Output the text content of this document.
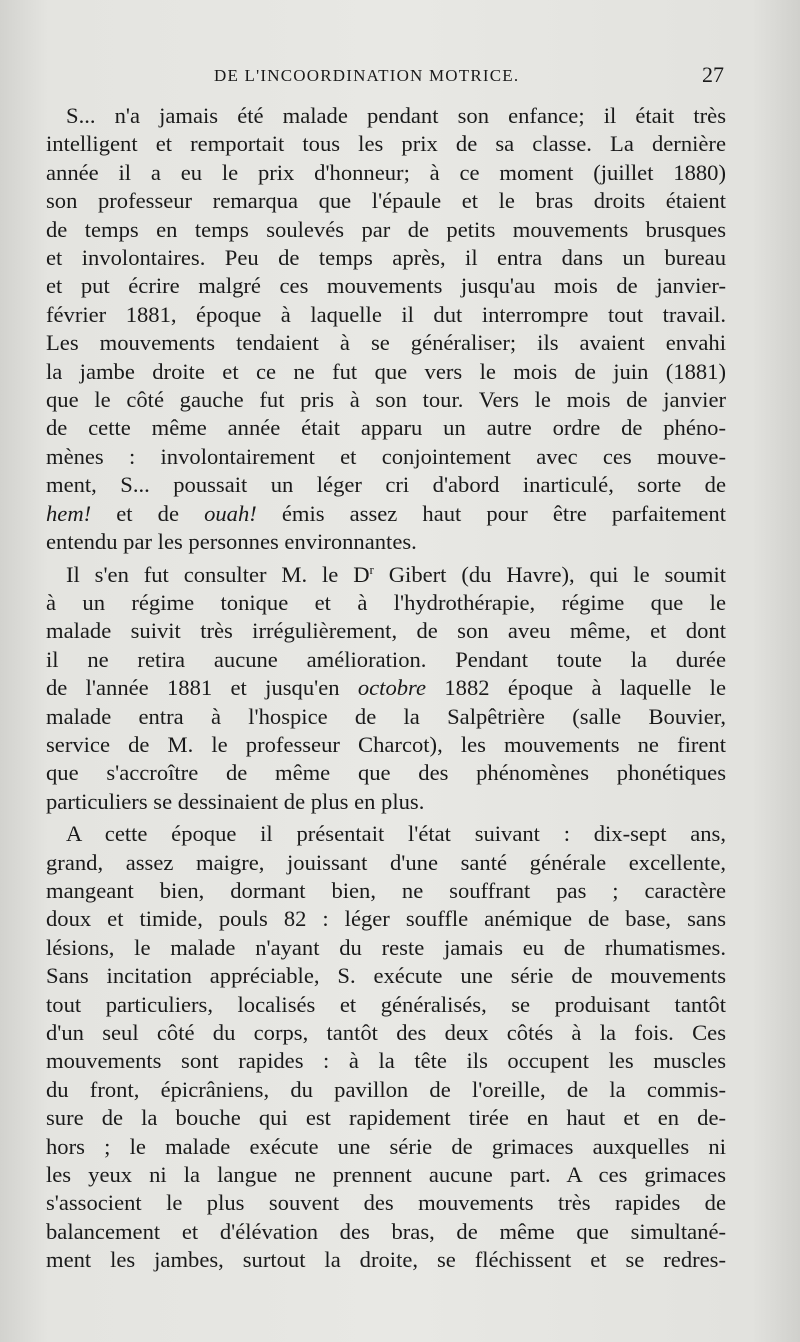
DE L'INCOORDINATION MOTRICE.	27
S... n'a jamais été malade pendant son enfance; il était très
intelligent et remportait tous les prix de sa classe. La dernière
année il a eu le prix d'honneur; à ce moment (juillet 1880)
son professeur remarqua que l'épaule et le bras droits étaient
de temps en temps soulevés par de petits mouvements brusques
et involontaires. Peu de temps après, il entra dans un bureau
et put écrire malgré ces mouvements jusqu'au mois de janvier-
février 1881, époque à laquelle il dut interrompre tout travail.
Les mouvements tendaient à se généraliser; ils avaient envahi
la jambe droite et ce ne fut que vers le mois de juin (1881)
que le côté gauche fut pris à son tour. Vers le mois de janvier
de cette même année était apparu un autre ordre de phéno-
mènes : involontairement et conjointement avec ces mouve-
ment, S... poussait un léger cri d'abord inarticulé, sorte de
hem! et de ouah! émis assez haut pour être parfaitement
entendu par les personnes environnantes.
Il s'en fut consulter M. le $D^r$ Gibert (du Havre), qui le soumit
à un régime tonique et à l'hydrothérapie, régime que le
malade suivit très irrégulièrement, de son aveu même, et dont
il ne retira aucune amélioration. Pendant toute la durée
de l'année 1881 et jusqu'en octobre 1882 époque à laquelle le
malade entra à l'hospice de la Salpêtrière (salle Bouvier,
service de M. le professeur Charcot), les mouvements ne firent
que s'accroître de même que des phénomènes phonétiques
particuliers se dessinaient de plus en plus.
A cette époque il présentait l'état suivant : dix-sept ans,
grand, assez maigre, jouissant d'une santé générale excellente,
mangeant bien, dormant bien, ne souffrant pas ; caractère
doux et timide, pouls 82 : léger souffle anémique de base, sans
lésions, le malade n'ayant du reste jamais eu de rhumatismes.
Sans incitation appréciable, S. exécute une série de mouvements
tout particuliers, localisés et généralisés, se produisant tantôt
d'un seul côté du corps, tantôt des deux côtés à la fois. Ces
mouvements sont rapides : à la tête ils occupent les muscles
du front, épicrâniens, du pavillon de l'oreille, de la commis-
sure de la bouche qui est rapidement tirée en haut et en de-
hors ; le malade exécute une série de grimaces auxquelles ni
les yeux ni la langue ne prennent aucune part. A ces grimaces
s'associent le plus souvent des mouvements très rapides de
balancement et d'élévation des bras, de même que simultané-
ment les jambes, surtout la droite, se fléchissent et se redres-
